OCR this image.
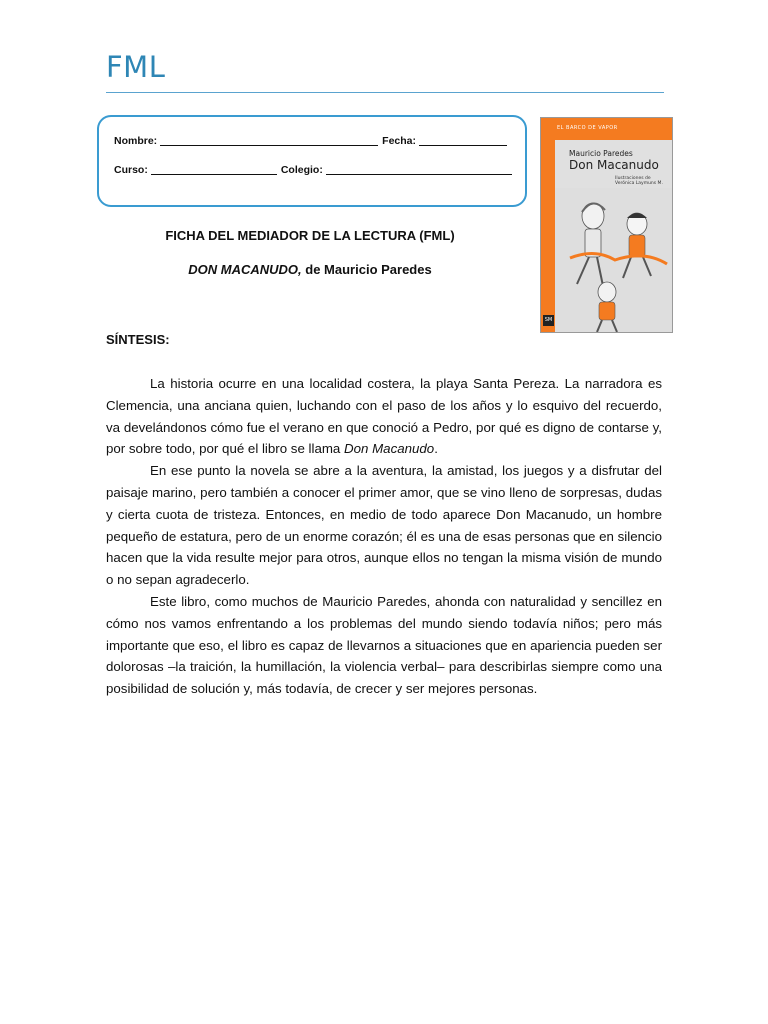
FML
Nombre:	Fecha:
Curso:	Colegio:
EL BARCO DE VAPOR
Mauricio Paredes
Don Macanudo
Ilustraciones de
Verónica Laymuns M.
SM
FICHA DEL MEDIADOR DE LA LECTURA (FML)
DON MACANUDO, de Mauricio Paredes
SÍNTESIS:

La historia ocurre en una localidad costera, la playa Santa Pereza. La narradora es Clemencia, una anciana quien, luchando con el paso de los años y lo esquivo del recuerdo, va develándonos cómo fue el verano en que conoció a Pedro, por qué es digno de contarse y, por sobre todo, por qué el libro se llama Don Macanudo.

En ese punto la novela se abre a la aventura, la amistad, los juegos y a disfrutar del paisaje marino, pero también a conocer el primer amor, que se vino lleno de sorpresas, dudas y cierta cuota de tristeza. Entonces, en medio de todo aparece Don Macanudo, un hombre pequeño de estatura, pero de un enorme corazón; él es una de esas personas que en silencio hacen que la vida resulte mejor para otros, aunque ellos no tengan la misma visión de mundo o no sepan agradecerlo.

Este libro, como muchos de Mauricio Paredes, ahonda con naturalidad y sencillez en cómo nos vamos enfrentando a los problemas del mundo siendo todavía niños; pero más importante que eso, el libro es capaz de llevarnos a situaciones que en apariencia pueden ser dolorosas –la traición, la humillación, la violencia verbal– para describirlas siempre como una posibilidad de solución y, más todavía, de crecer y ser mejores personas.
